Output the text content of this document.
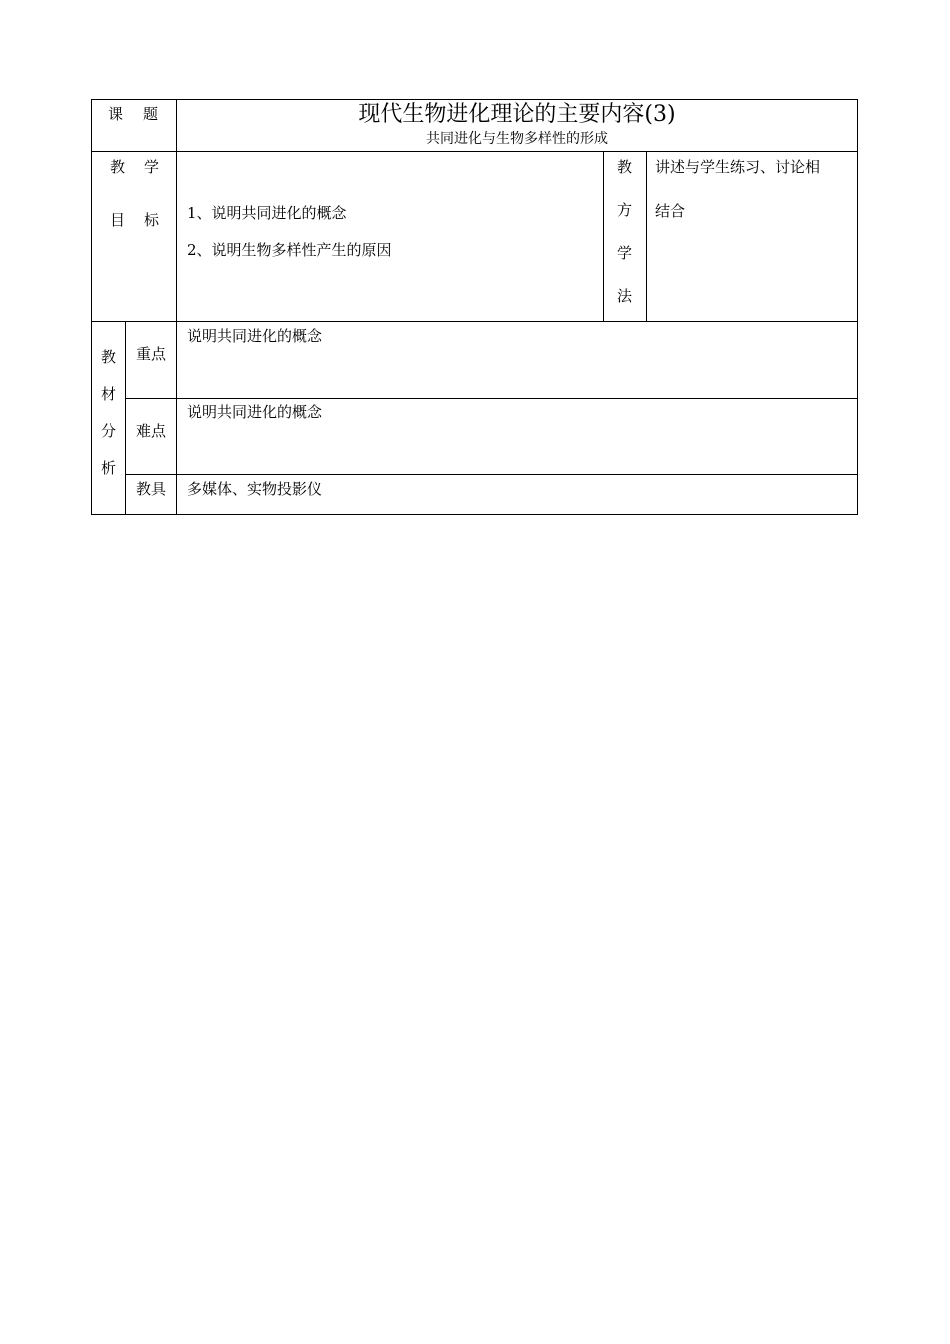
课 题	现代生物进化理论的主要内容(3)
共同进化与生物多样性的形成
教 学
目 标 1、说明共同进化的概念
2、说明生物多样性产生的原因
教
方
学
法
讲述与学生练习、讨论相
结合
教
材
分
析
重点
说明共同进化的概念
难点
说明共同进化的概念
教具 多媒体、实物投影仪
